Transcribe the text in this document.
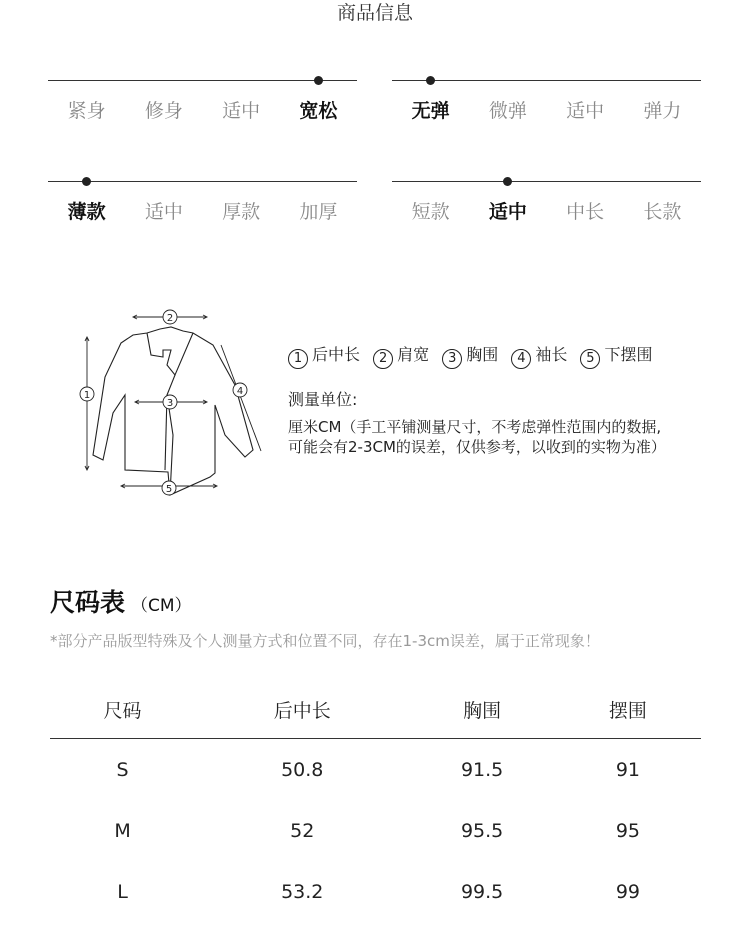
商品信息
紧身	修身	适中	宽松	无弹	微弹	适中	弹力
薄款	适中	厚款	加厚	短款	适中	中长	长款
2
1
3
4
5
1 后中长 2 肩宽 3 胸围 4 袖长 5 下摆围
测量单位:
厘米CM（手工平铺测量尺寸，不考虑弹性范围内的数据,
可能会有2-3CM的误差，仅供参考，以收到的实物为准）
尺码表 （CM）
*部分产品版型特殊及个人测量方式和位置不同，存在1-3cm误差，属于正常现象！
尺码	后中长	胸围	摆围
S	50.8	91.5	91
M	52	95.5	95
L	53.2	99.5	99
